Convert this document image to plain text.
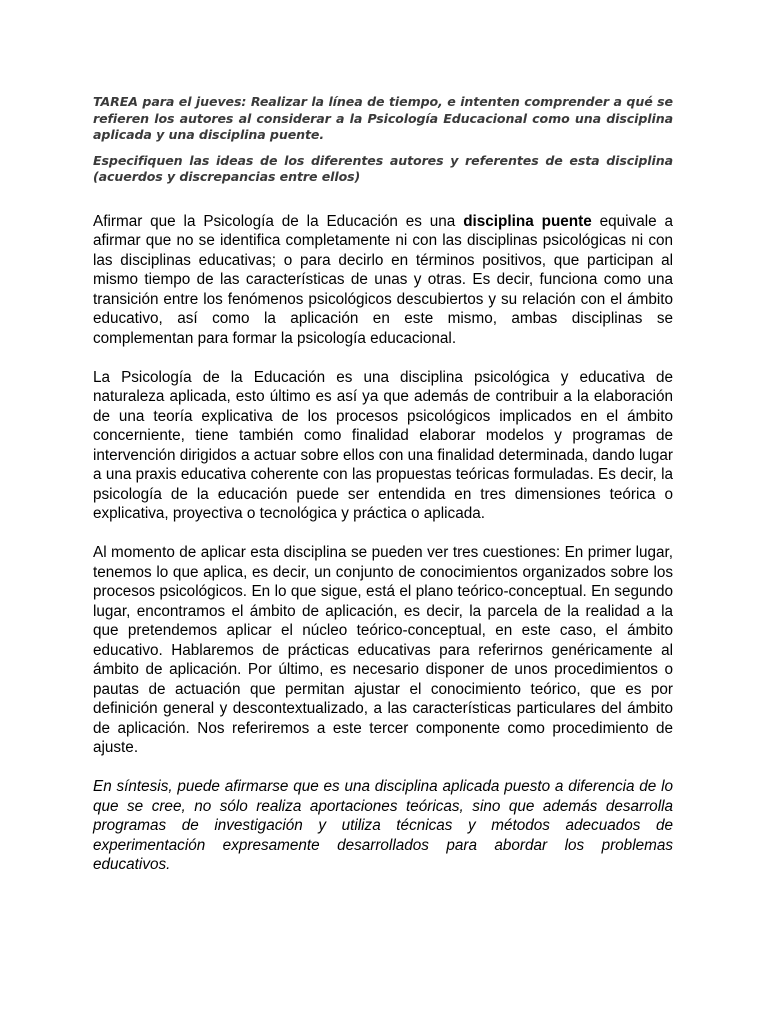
TAREA para el jueves: Realizar la línea de tiempo, e intenten comprender a qué se refieren los autores al considerar a la Psicología Educacional como una disciplina aplicada y una disciplina puente.

Especifiquen las ideas de los diferentes autores y referentes de esta disciplina (acuerdos y discrepancias entre ellos)

Afirmar que la Psicología de la Educación es una disciplina puente equivale a afirmar que no se identifica completamente ni con las disciplinas psicológicas ni con las disciplinas educativas; o para decirlo en términos positivos, que participan al mismo tiempo de las características de unas y otras. Es decir, funciona como una transición entre los fenómenos psicológicos descubiertos y su relación con el ámbito educativo, así como la aplicación en este mismo, ambas disciplinas se complementan para formar la psicología educacional.

La Psicología de la Educación es una disciplina psicológica y educativa de naturaleza aplicada, esto último es así ya que además de contribuir a la elaboración de una teoría explicativa de los procesos psicológicos implicados en el ámbito concerniente, tiene también como finalidad elaborar modelos y programas de intervención dirigidos a actuar sobre ellos con una finalidad determinada, dando lugar a una praxis educativa coherente con las propuestas teóricas formuladas. Es decir, la psicología de la educación puede ser entendida en tres dimensiones teórica o explicativa, proyectiva o tecnológica y práctica o aplicada.

Al momento de aplicar esta disciplina se pueden ver tres cuestiones: En primer lugar, tenemos lo que aplica, es decir, un conjunto de conocimientos organizados sobre los procesos psicológicos. En lo que sigue, está el plano teórico-conceptual. En segundo lugar, encontramos el ámbito de aplicación, es decir, la parcela de la realidad a la que pretendemos aplicar el núcleo teórico-conceptual, en este caso, el ámbito educativo. Hablaremos de prácticas educativas para referirnos genéricamente al ámbito de aplicación. Por último, es necesario disponer de unos procedimientos o pautas de actuación que permitan ajustar el conocimiento teórico, que es por definición general y descontextualizado, a las características particulares del ámbito de aplicación. Nos referiremos a este tercer componente como procedimiento de ajuste.

En síntesis, puede afirmarse que es una disciplina aplicada puesto a diferencia de lo que se cree, no sólo realiza aportaciones teóricas, sino que además desarrolla programas de investigación y utiliza técnicas y métodos adecuados de experimentación expresamente desarrollados para abordar los problemas educativos.
